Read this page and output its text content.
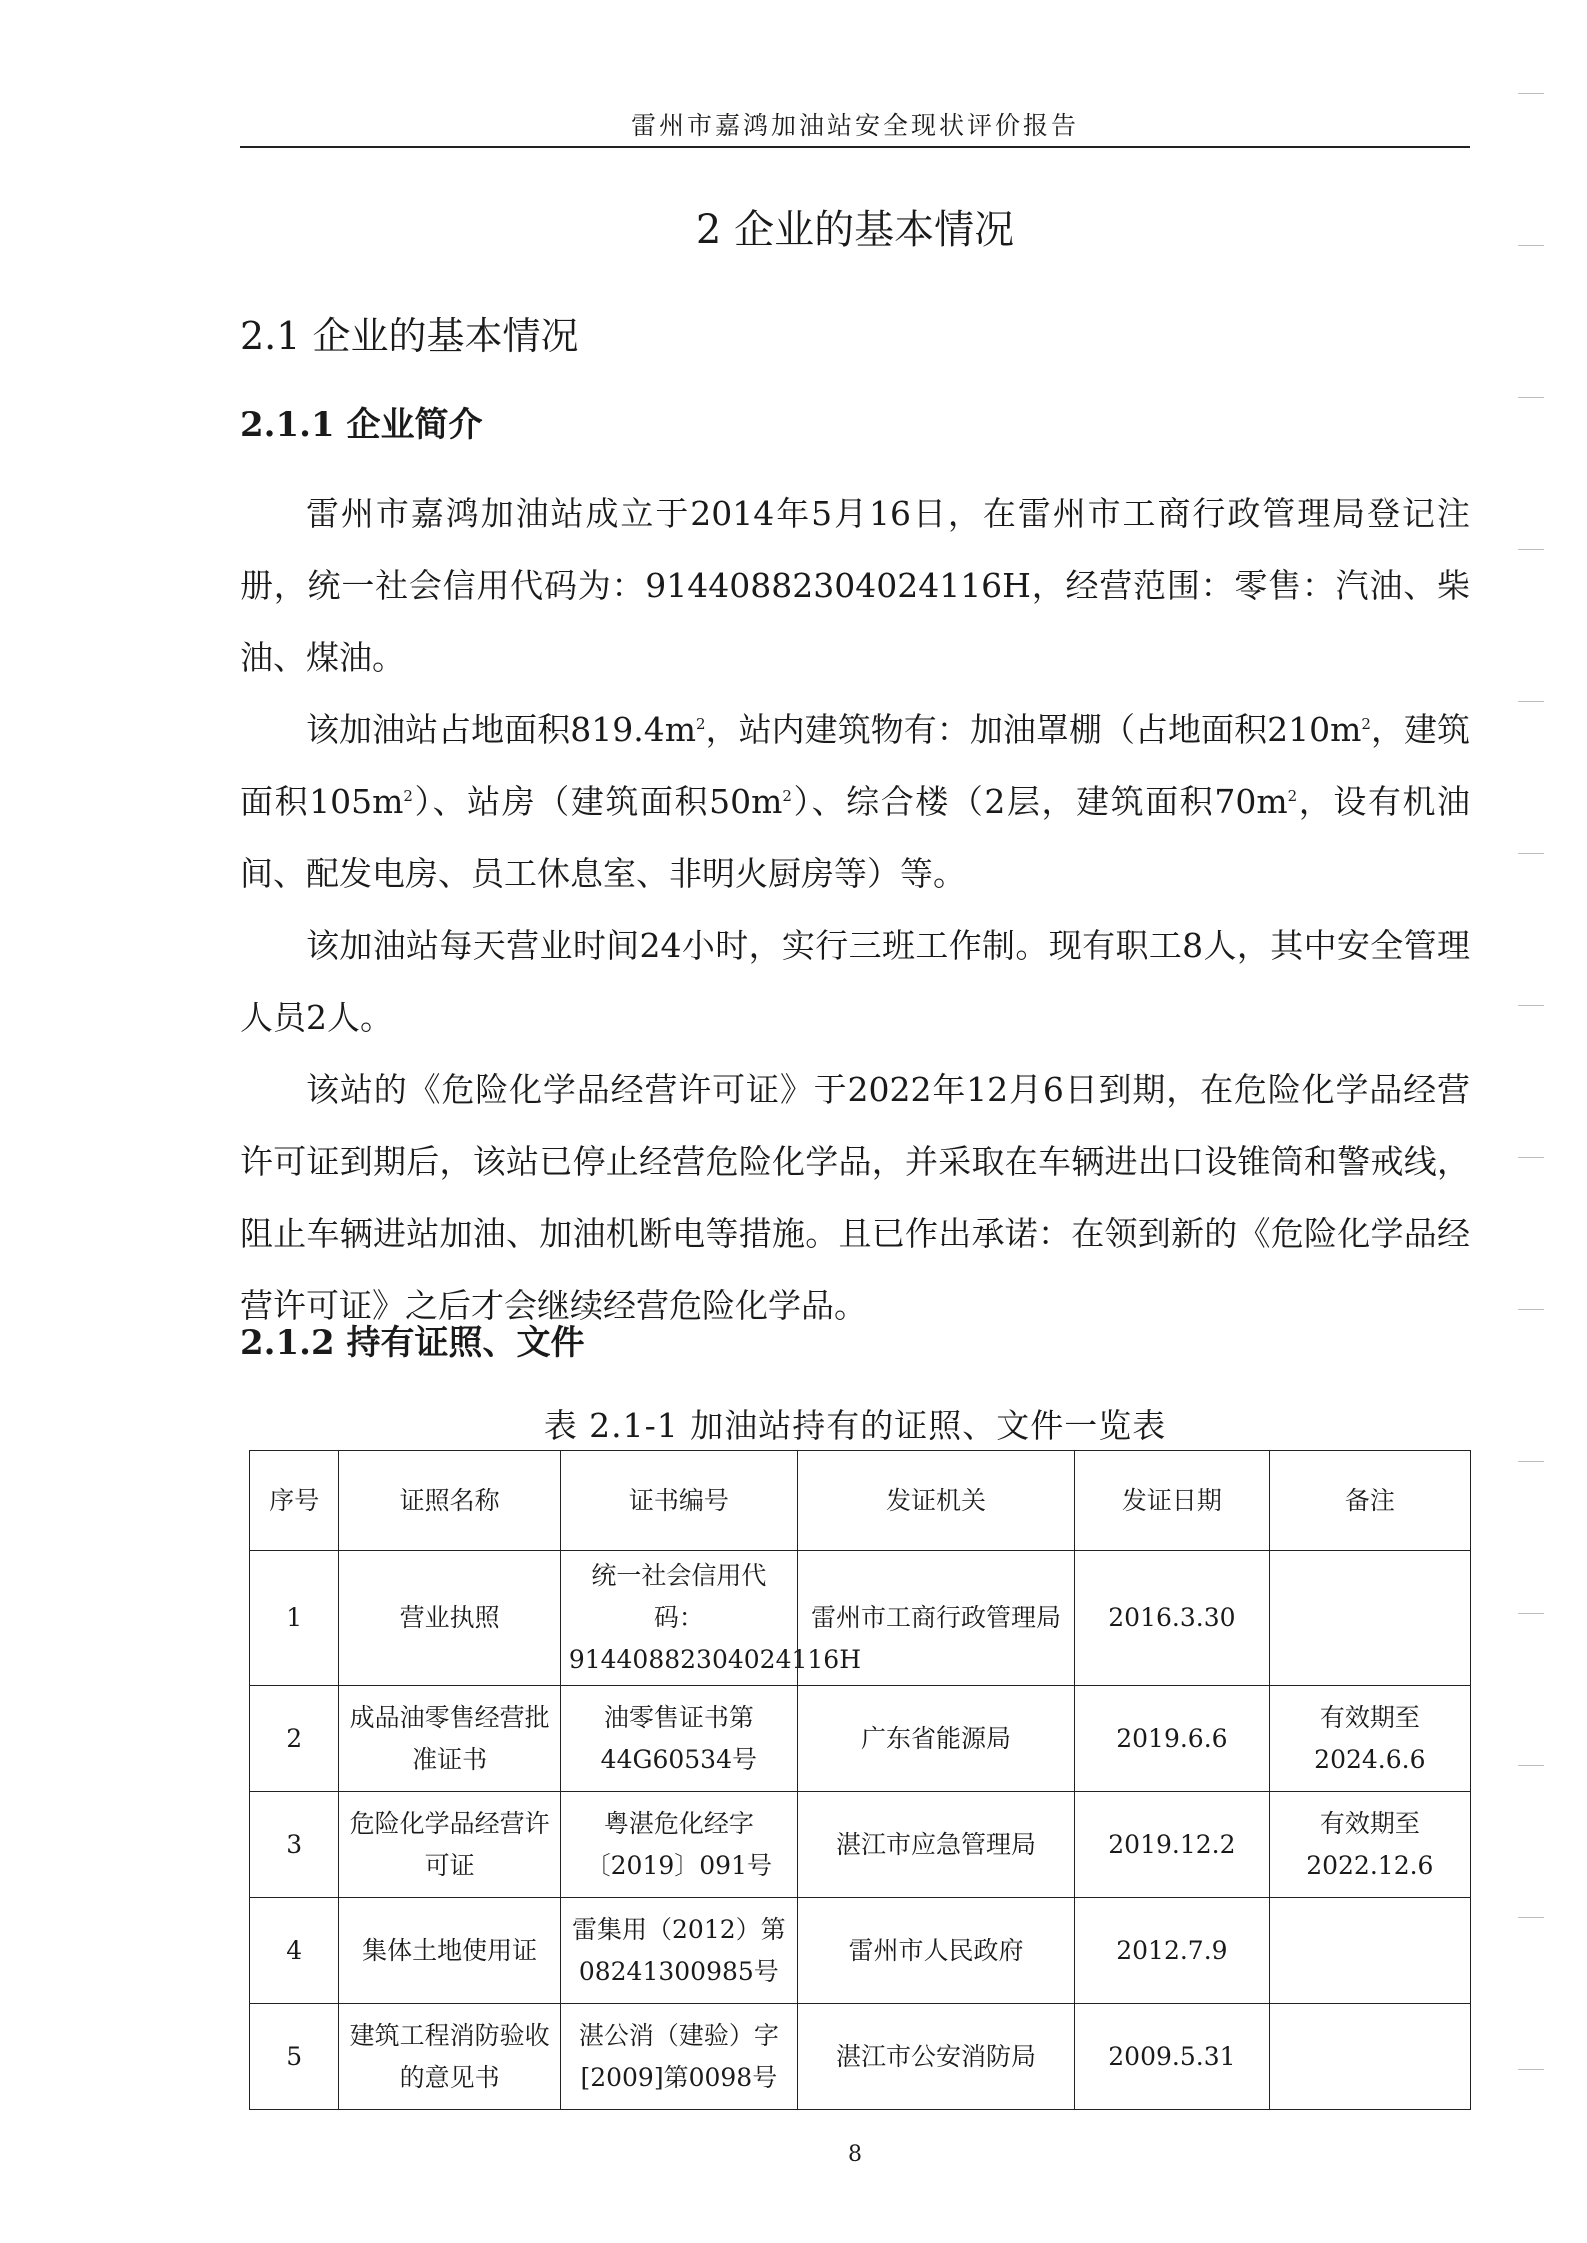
雷州市嘉鸿加油站安全现状评价报告
2 企业的基本情况
2.1 企业的基本情况
2.1.1 企业简介

雷州市嘉鸿加油站成立于2014年5月16日，在雷州市工商行政管理局登记注册，统一社会信用代码为：91440882304024116H，经营范围：零售：汽油、柴油、煤油。

该加油站占地面积$819.4m^2$，站内建筑物有：加油罩棚（占地面积$210m^2$，建筑面积$105m^2$）、站房（建筑面积$50m^2$）、综合楼（2层，建筑面积$70m^2$，设有机油间、配发电房、员工休息室、非明火厨房等）等。

该加油站每天营业时间24小时，实行三班工作制。现有职工8人，其中安全管理人员2人。

该站的《危险化学品经营许可证》于2022年12月6日到期，在危险化学品经营许可证到期后，该站已停止经营危险化学品，并采取在车辆进出口设锥筒和警戒线，阻止车辆进站加油、加油机断电等措施。且已作出承诺：在领到新的《危险化学品经营许可证》之后才会继续经营危险化学品。

2.1.2 持有证照、文件
表 2.1-1 加油站持有的证照、文件一览表
序号	证照名称	证书编号	发证机关	发证日期	备注
1	营业执照	统一社会信用代码：91440882304024116H	雷州市工商行政管理局	2016.3.30	
2	成品油零售经营批准证书	油零售证书第44G60534号	广东省能源局	2019.6.6	有效期至2024.6.6
3	危险化学品经营许可证	粤湛危化经字〔2019〕091号	湛江市应急管理局	2019.12.2	有效期至2022.12.6
4	集体土地使用证	雷集用（2012）第08241300985号	雷州市人民政府	2012.7.9	
5	建筑工程消防验收的意见书	湛公消（建验）字[2009]第0098号	湛江市公安消防局	2009.5.31	
8
